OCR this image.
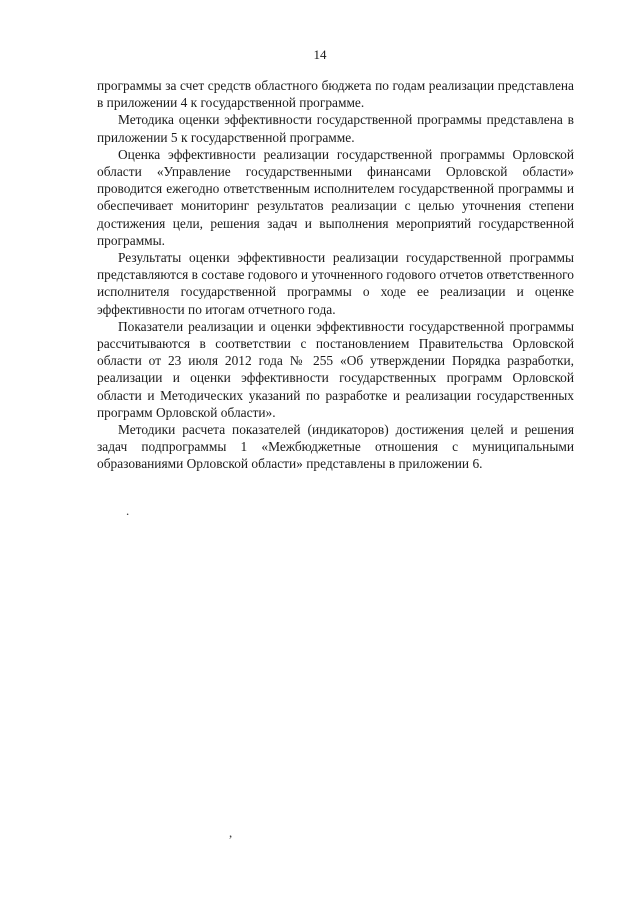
14

программы за счет средств областного бюджета по годам реализации представлена в приложении 4 к государственной программе.

Методика оценки эффективности государственной программы представлена в приложении 5 к государственной программе.

Оценка эффективности реализации государственной программы Орловской области «Управление государственными финансами Орловской области» проводится ежегодно ответственным исполнителем государственной программы и обеспечивает мониторинг результатов реализации с целью уточнения степени достижения цели, решения задач и выполнения мероприятий государственной программы.

Результаты оценки эффективности реализации государственной программы представляются в составе годового и уточненного годового отчетов ответственного исполнителя государственной программы о ходе ее реализации и оценке эффективности по итогам отчетного года.

Показатели реализации и оценки эффективности государственной программы рассчитываются в соответствии с постановлением Правительства Орловской области от 23 июля 2012 года № 255 «Об утверждении Порядка разработки, реализации и оценки эффективности государственных программ Орловской области и Методических указаний по разработке и реализации государственных программ Орловской области».

Методики расчета показателей (индикаторов) достижения целей и решения задач подпрограммы 1 «Межбюджетные отношения с муниципальными образованиями Орловской области» представлены в приложении 6.

.
,
